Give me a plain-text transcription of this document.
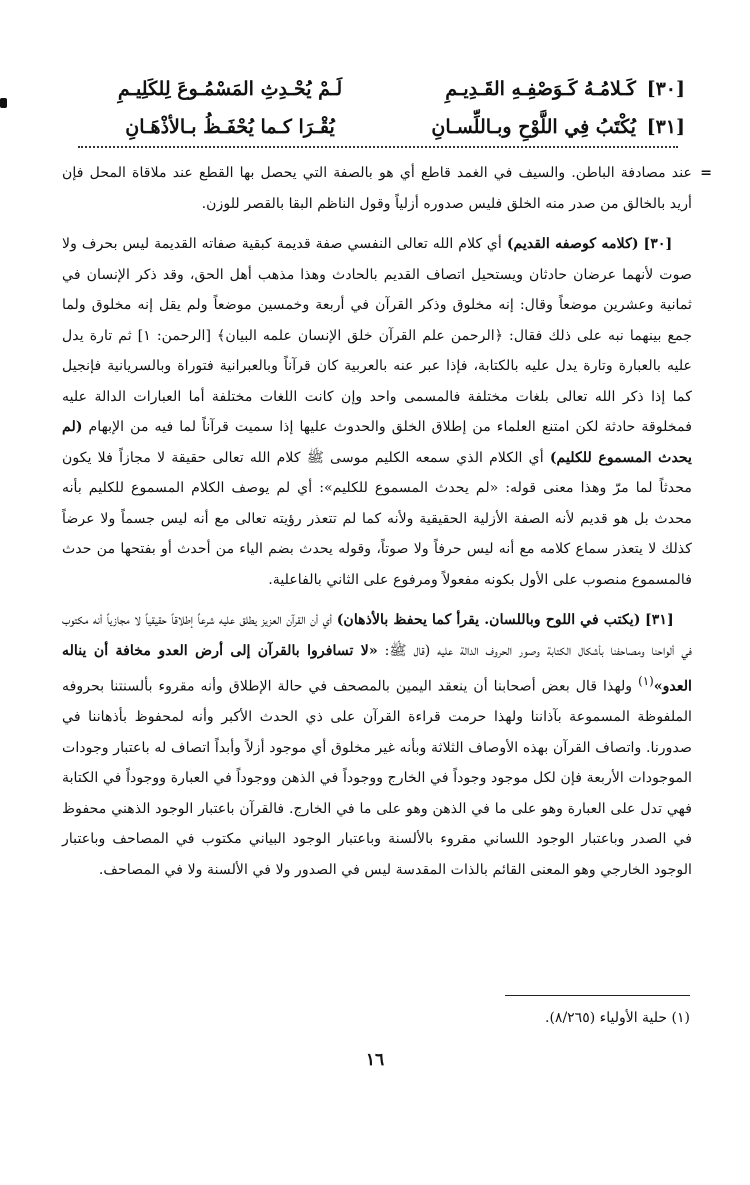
[٣٠] كَـلامُـهُ كَـوَصْفِـهِ القَـدِيـمِ
لَـمْ يُحْـدِثِ المَسْمُـوعَ لِلكَلِيـمِ
[٣١] يُكْتَبُ فِي اللَّوْحِ وبـاللِّسـانِ
يُقْـرَا كـما يُحْفَـظُ بـالأذْهَـانِ

=
عند مصادفة الباطن. والسيف في الغمد قاطع أي هو بالصفة التي يحصل بها القطع عند ملاقاة المحل فإن أريد بالخالق من صدر منه الخلق فليس صدوره أزلياً وقول الناظم البقا بالقصر للوزن.

[٣٠] (كلامه كوصفه القديم) أي كلام الله تعالى النفسي صفة قديمة كبقية صفاته القديمة ليس بحرف ولا صوت لأنهما عرضان حادثان ويستحيل اتصاف القديم بالحادث وهذا مذهب أهل الحق، وقد ذكر الإنسان في ثمانية وعشرين موضعاً وقال: إنه مخلوق وذكر القرآن في أربعة وخمسين موضعاً ولم يقل إنه مخلوق ولما جمع بينهما نبه على ذلك فقال: ﴿الرحمن علم القرآن خلق الإنسان علمه البيان﴾ [الرحمن: ١] ثم تارة يدل عليه بالعبارة وتارة يدل عليه بالكتابة، فإذا عبر عنه بالعربية كان قرآناً وبالعبرانية فتوراة وبالسريانية فإنجيل كما إذا ذكر الله تعالى بلغات مختلفة فالمسمى واحد وإن كانت اللغات مختلفة أما العبارات الدالة عليه فمخلوقة حادثة لكن امتنع العلماء من إطلاق الخلق والحدوث عليها إذا سميت قرآناً لما فيه من الإبهام (لم يحدث المسموع للكليم) أي الكلام الذي سمعه الكليم موسى ﷺ كلام الله تعالى حقيقة لا مجازاً فلا يكون محدثاً لما مرّ وهذا معنى قوله: «لم يحدث المسموع للكليم»: أي لم يوصف الكلام المسموع للكليم بأنه محدث بل هو قديم لأنه الصفة الأزلية الحقيقية ولأنه كما لم تتعذر رؤيته تعالى مع أنه ليس جسماً ولا عرضاً كذلك لا يتعذر سماع كلامه مع أنه ليس حرفاً ولا صوتاً، وقوله يحدث بضم الياء من أحدث أو بفتحها من حدث فالمسموع منصوب على الأول بكونه مفعولاً ومرفوع على الثاني بالفاعلية.

[٣١] (يكتب في اللوح وباللسان. يقرأ كما يحفظ بالأذهان) أي أن القرآن العزيز يطلق عليه شرعاً إطلاقاً حقيقياً لا مجازياً أنه مكتوب في ألواحنا ومصاحفنا بأشكال الكتابة وصور الحروف الدالة عليه (قال ﷺ: «لا تسافروا بالقرآن إلى أرض العدو مخافة أن يناله العدو»$^{(١)}$ ولهذا قال بعض أصحابنا أن ينعقد اليمين بالمصحف في حالة الإطلاق وأنه مقروء بألسنتنا بحروفه الملفوظة المسموعة بآذاننا ولهذا حرمت قراءة القرآن على ذي الحدث الأكبر وأنه لمحفوظ بأذهاننا في صدورنا. واتصاف القرآن بهذه الأوصاف الثلاثة وبأنه غير مخلوق أي موجود أزلاً وأبداً اتصاف له باعتبار وجودات الموجودات الأربعة فإن لكل موجود وجوداً في الخارج ووجوداً في الذهن ووجوداً في العبارة ووجوداً في الكتابة فهي تدل على العبارة وهو على ما في الذهن وهو على ما في الخارج. فالقرآن باعتبار الوجود الذهني محفوظ في الصدر وباعتبار الوجود اللساني مقروء بالألسنة وباعتبار الوجود البياني مكتوب في المصاحف وباعتبار الوجود الخارجي وهو المعنى القائم بالذات المقدسة ليس في الصدور ولا في الألسنة ولا في المصاحف.

(١) حلية الأولياء (٨/٢٦٥).
١٦
